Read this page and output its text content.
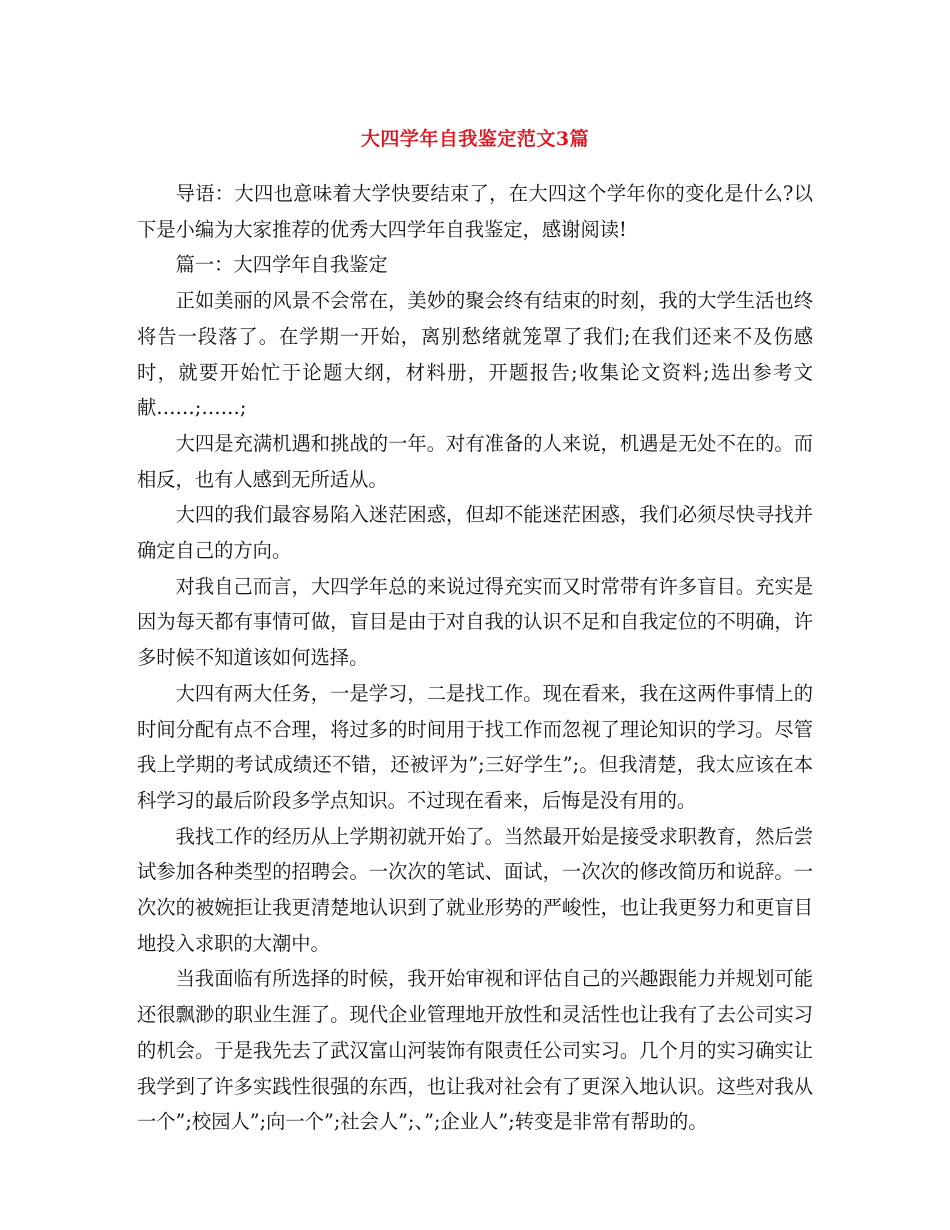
大四学年自我鉴定范文3篇

导语：大四也意味着大学快要结束了，在大四这个学年你的变化是什么?以下是小编为大家推荐的优秀大四学年自我鉴定，感谢阅读!

篇一：大四学年自我鉴定

正如美丽的风景不会常在，美妙的聚会终有结束的时刻，我的大学生活也终将告一段落了。在学期一开始，离别愁绪就笼罩了我们;在我们还来不及伤感时，就要开始忙于论题大纲，材料册，开题报告;收集论文资料;选出参考文献……;……;

大四是充满机遇和挑战的一年。对有准备的人来说，机遇是无处不在的。而相反，也有人感到无所适从。

大四的我们最容易陷入迷茫困惑，但却不能迷茫困惑，我们必须尽快寻找并确定自己的方向。

对我自己而言，大四学年总的来说过得充实而又时常带有许多盲目。充实是因为每天都有事情可做，盲目是由于对自我的认识不足和自我定位的不明确，许多时候不知道该如何选择。

大四有两大任务，一是学习，二是找工作。现在看来，我在这两件事情上的时间分配有点不合理，将过多的时间用于找工作而忽视了理论知识的学习。尽管我上学期的考试成绩还不错，还被评为”;三好学生”;。但我清楚，我太应该在本科学习的最后阶段多学点知识。不过现在看来，后悔是没有用的。

我找工作的经历从上学期初就开始了。当然最开始是接受求职教育，然后尝试参加各种类型的招聘会。一次次的笔试、面试，一次次的修改简历和说辞。一次次的被婉拒让我更清楚地认识到了就业形势的严峻性，也让我更努力和更盲目地投入求职的大潮中。

当我面临有所选择的时候，我开始审视和评估自己的兴趣跟能力并规划可能还很飘渺的职业生涯了。现代企业管理地开放性和灵活性也让我有了去公司实习的机会。于是我先去了武汉富山河装饰有限责任公司实习。几个月的实习确实让我学到了许多实践性很强的东西，也让我对社会有了更深入地认识。这些对我从一个”;校园人”;向一个”;社会人”;、”;企业人”;转变是非常有帮助的。
